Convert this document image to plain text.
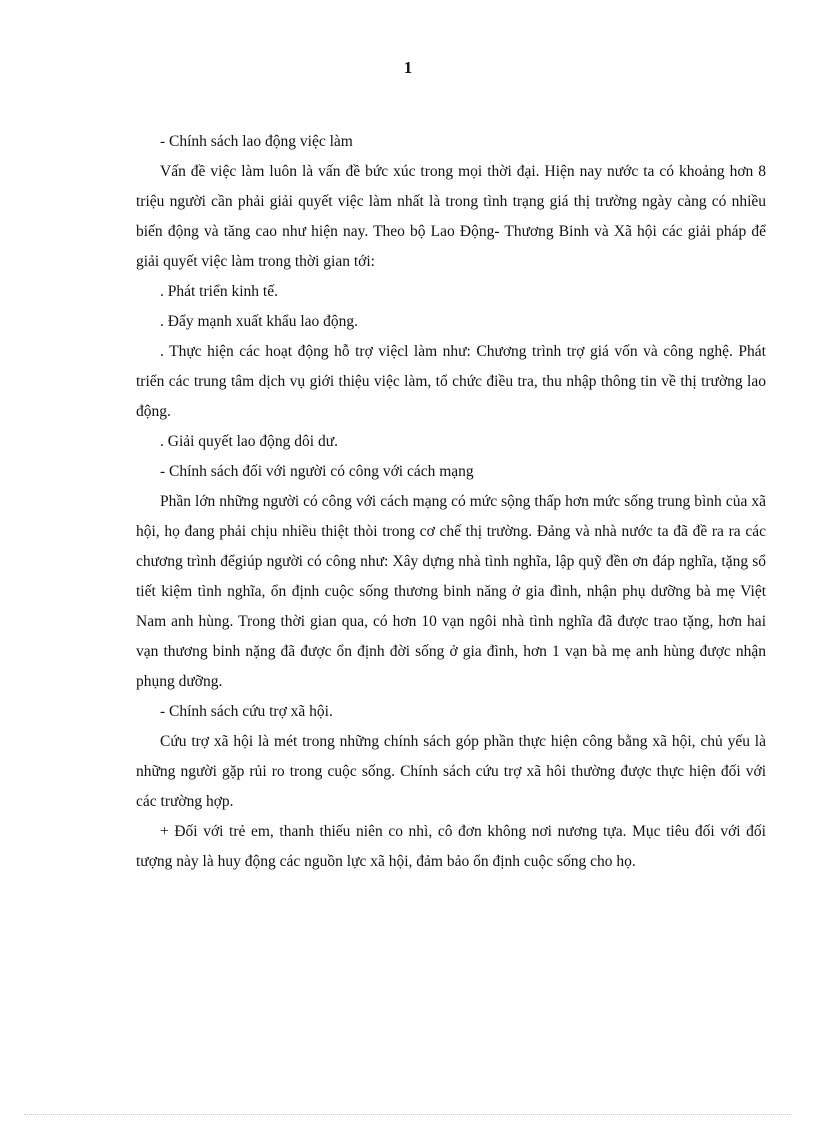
1

- Chính sách lao động việc làm

Vấn đề việc làm luôn là vấn đề bức xúc trong mọi thời đại. Hiện nay nước ta có khoảng hơn 8 triệu người cần phải giải quyết việc làm nhất là trong tình trạng giá thị trường ngày càng có nhiều biến động và tăng cao như hiện nay. Theo bộ Lao Động- Thương Binh và Xã hội các giải pháp để giải quyết việc làm trong thời gian tới:

. Phát triển kinh tế.

. Đẩy mạnh xuất khẩu lao động.

. Thực hiện các hoạt động hỗ trợ việcl làm như: Chương trình trợ giá vốn và công nghệ. Phát triển các trung tâm dịch vụ giới thiệu việc làm, tổ chức điều tra, thu nhập thông tin về thị trường lao động.

. Giải quyết lao động dôi dư.

- Chính sách đối với người có công với cách mạng

Phần lớn những người có công với cách mạng có mức sộng thấp hơn mức sống trung bình của xã hội, họ đang phải chịu nhiều thiệt thòi trong cơ chế thị trường. Đảng và nhà nước ta đã đề ra ra các chương trình đểgiúp người có công như: Xây dựng nhà tình nghĩa, lập quỹ đền ơn đáp nghĩa, tặng sổ tiết kiệm tình nghĩa, ổn định cuộc sống thương binh năng ở gia đình, nhận phụ dưỡng bà mẹ Việt Nam anh hùng. Trong thời gian qua, có hơn 10 vạn ngôi nhà tình nghĩa đã được trao tặng, hơn hai vạn thương binh nặng đã được ổn định đời sống ở gia đình, hơn 1 vạn bà mẹ anh hùng được nhận phụng dưỡng.

- Chính sách cứu trợ xã hội.

Cứu trợ xã hội là mét trong những chính sách góp phần thực hiện công bằng xã hội, chủ yếu là những người gặp rủi ro trong cuộc sống. Chính sách cứu trợ xã hôi thường được thực hiện đối với các trường hợp.

+ Đối với trẻ em, thanh thiếu niên co nhì, cô đơn không nơi nương tựa. Mục tiêu đối với đối tượng này là huy động các nguồn lực xã hội, đảm bảo ổn định cuộc sống cho họ.
